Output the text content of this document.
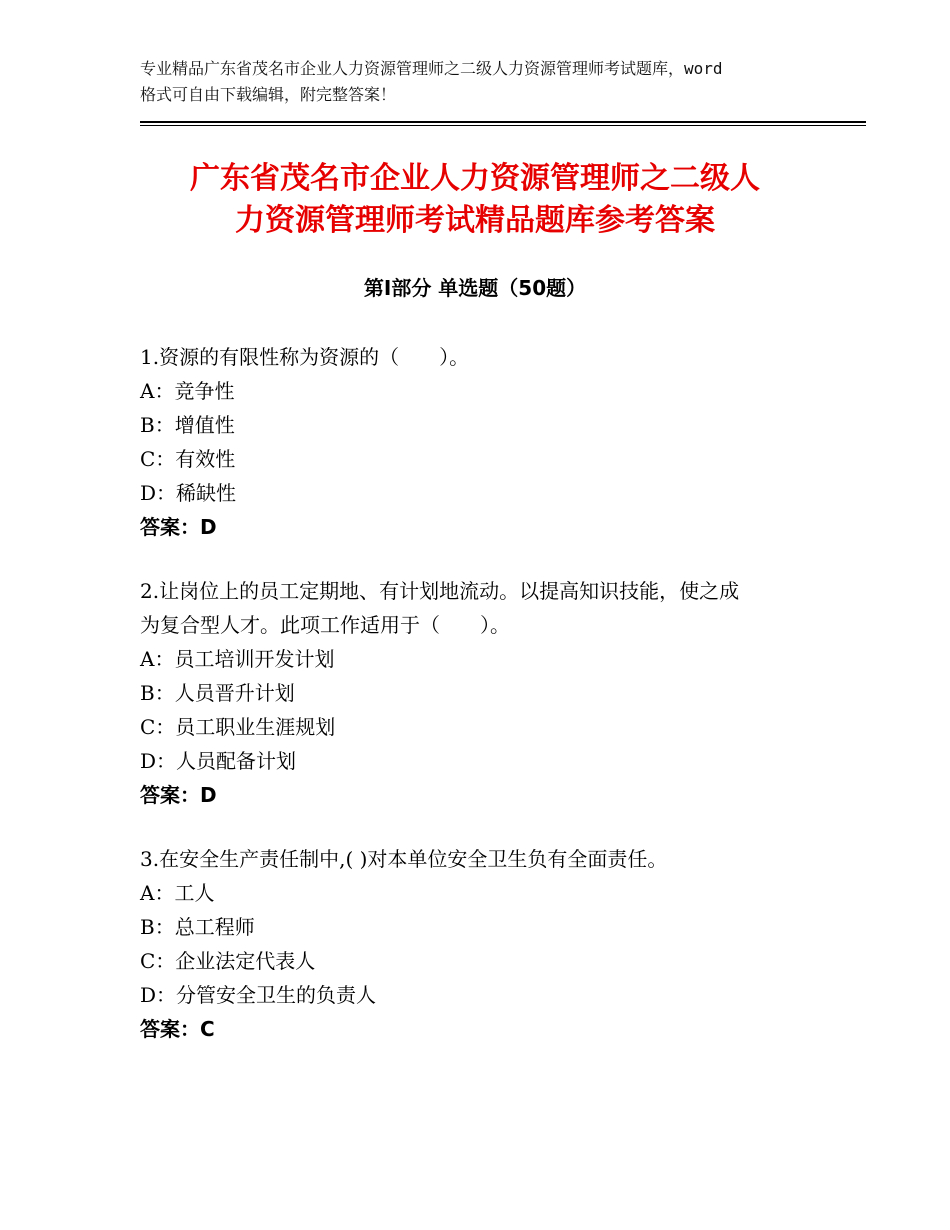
专业精品广东省茂名市企业人力资源管理师之二级人力资源管理师考试题库，word
格式可自由下载编辑，附完整答案！
广东省茂名市企业人力资源管理师之二级人
力资源管理师考试精品题库参考答案
第Ⅰ部分 单选题（50题）
1.资源的有限性称为资源的（　　）。
A：竞争性
B：增值性
C：有效性
D：稀缺性
答案：D
2.让岗位上的员工定期地、有计划地流动。以提高知识技能，使之成
为复合型人才。此项工作适用于（　　）。
A：员工培训开发计划
B：人员晋升计划
C：员工职业生涯规划
D：人员配备计划
答案：D
3.在安全生产责任制中,( )对本单位安全卫生负有全面责任。
A：工人
B：总工程师
C：企业法定代表人
D：分管安全卫生的负责人
答案：C
